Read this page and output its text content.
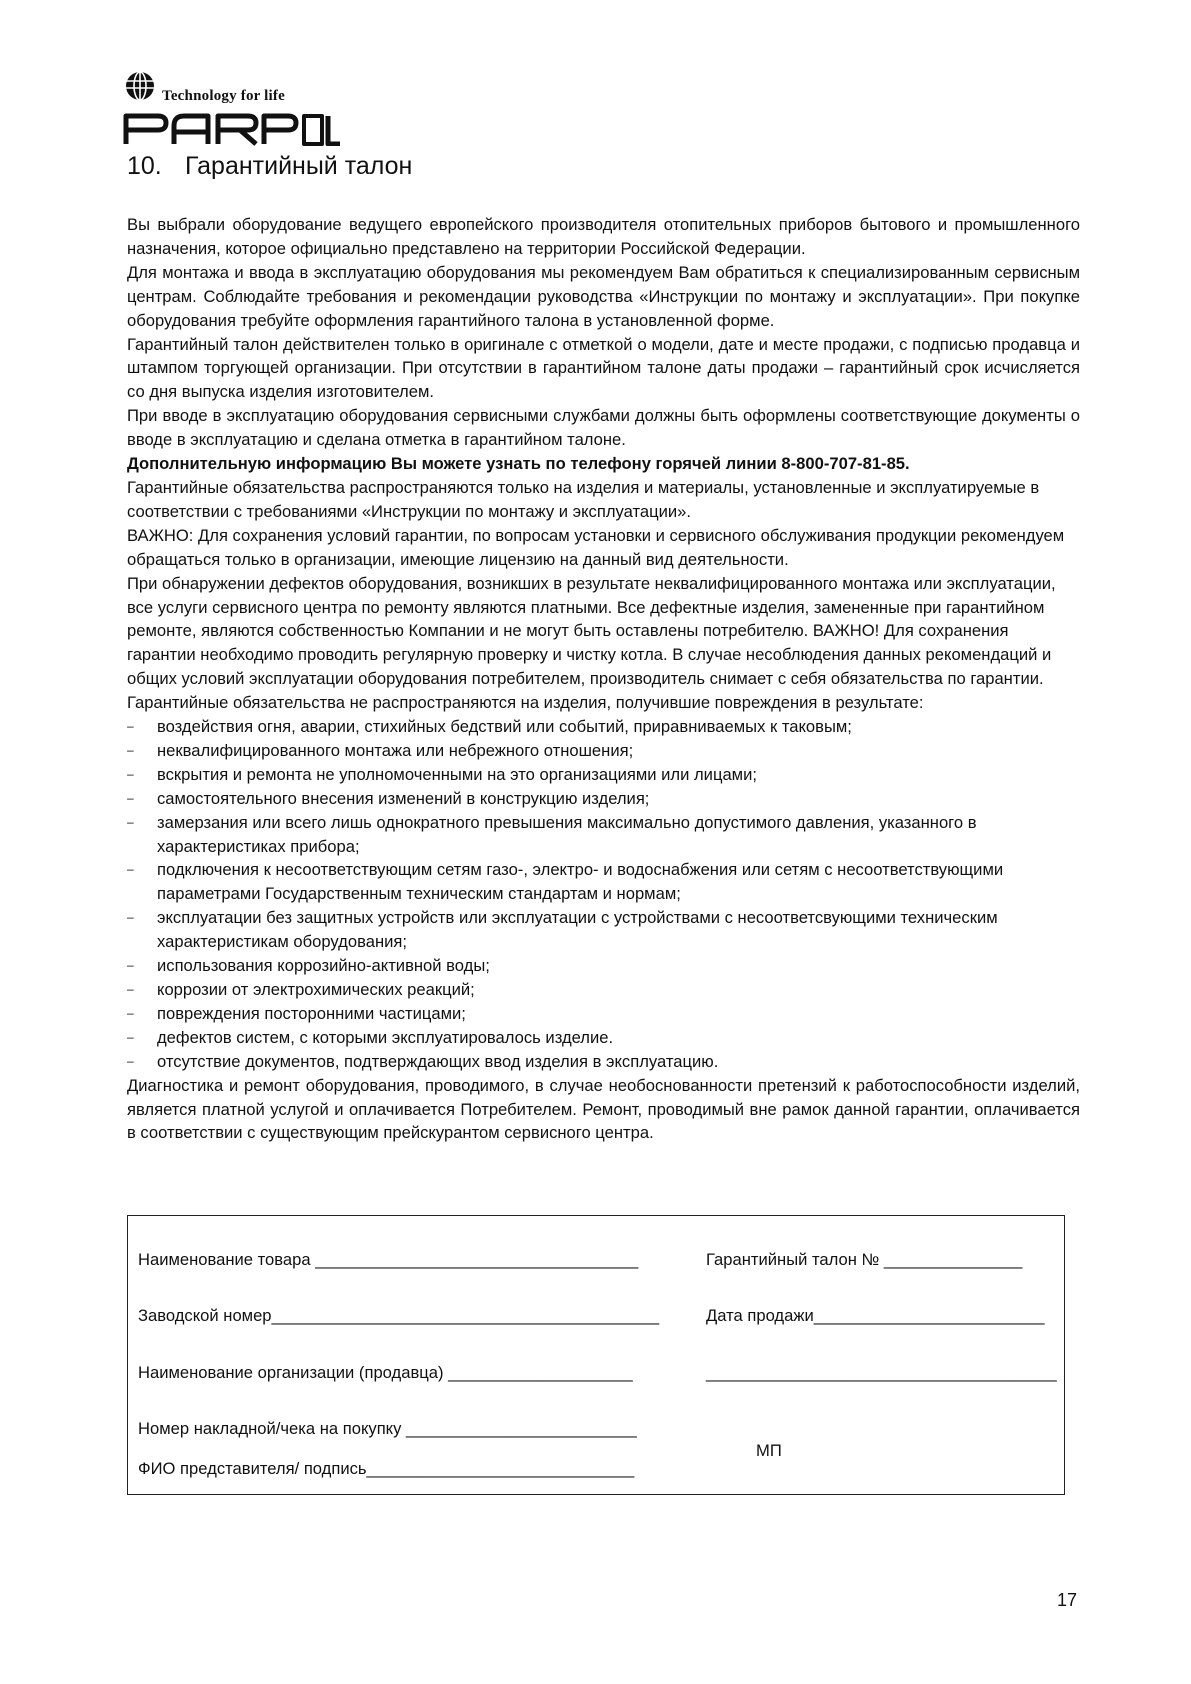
Technology for life
10. Гарантийный талон

Вы выбрали оборудование ведущего европейского производителя отопительных приборов бытового и промышленного назначения, которое официально представлено на территории Российской Федерации.

Для монтажа и ввода в эксплуатацию оборудования мы рекомендуем Вам обратиться к специализированным сервисным центрам. Соблюдайте требования и рекомендации руководства «Инструкции по монтажу и эксплуатации». При покупке оборудования требуйте оформления гарантийного талона в установленной форме.

Гарантийный талон действителен только в оригинале с отметкой о модели, дате и месте продажи, с подписью продавца и штампом торгующей организации. При отсутствии в гарантийном талоне даты продажи – гарантийный срок исчисляется со дня выпуска изделия изготовителем.

При вводе в эксплуатацию оборудования сервисными службами должны быть оформлены соответствующие документы о вводе в эксплуатацию и сделана отметка в гарантийном талоне.

Дополнительную информацию Вы можете узнать по телефону горячей линии 8-800-707-81-85.

Гарантийные обязательства распространяются только на изделия и материалы, установленные и эксплуатируемые в соответствии с требованиями «Инструкции по монтажу и эксплуатации».

ВАЖНО: Для сохранения условий гарантии, по вопросам установки и сервисного обслуживания продукции рекомендуем обращаться только в организации, имеющие лицензию на данный вид деятельности.

При обнаружении дефектов оборудования, возникших в результате неквалифицированного монтажа или эксплуатации, все услуги сервисного центра по ремонту являются платными. Все дефектные изделия, замененные при гарантийном ремонте, являются собственностью Компании и не могут быть оставлены потребителю. ВАЖНО! Для сохранения гарантии необходимо проводить регулярную проверку и чистку котла. В случае несоблюдения данных рекомендаций и общих условий эксплуатации оборудования потребителем, производитель снимает с себя обязательства по гарантии.

Гарантийные обязательства не распространяются на изделия, получившие повреждения в результате:

– воздействия огня, аварии, стихийных бедствий или событий, приравниваемых к таковым;
– неквалифицированного монтажа или небрежного отношения;
– вскрытия и ремонта не уполномоченными на это организациями или лицами;
– самостоятельного внесения изменений в конструкцию изделия;
– замерзания или всего лишь однократного превышения максимально допустимого давления, указанного в характеристиках прибора;
– подключения к несоответствующим сетям газо-, электро- и водоснабжения или сетям с несоответствующими параметрами Государственным техническим стандартам и нормам;
– эксплуатации без защитных устройств или эксплуатации с устройствами с несоответсвующими техническим характеристикам оборудования;
– использования коррозийно-активной воды;
– коррозии от электрохимических реакций;
– повреждения посторонними частицами;
– дефектов систем, с которыми эксплуатировалось изделие.
– отсутствие документов, подтверждающих ввод изделия в эксплуатацию.

Диагностика и ремонт оборудования, проводимого, в случае необоснованности претензий к работоспособности изделий, является платной услугой и оплачивается Потребителем. Ремонт, проводимый вне рамок данной гарантии, оплачивается в соответствии с существующим прейскурантом сервисного центра.

Наименование товара ___________________________________	Гарантийный талон № _______________
Заводской номер__________________________________________	Дата продажи_________________________
Наименование организации (продавца) ____________________	______________________________________
Номер накладной/чека на покупку _________________________
МП
ФИО представителя/ подпись_____________________________
17
